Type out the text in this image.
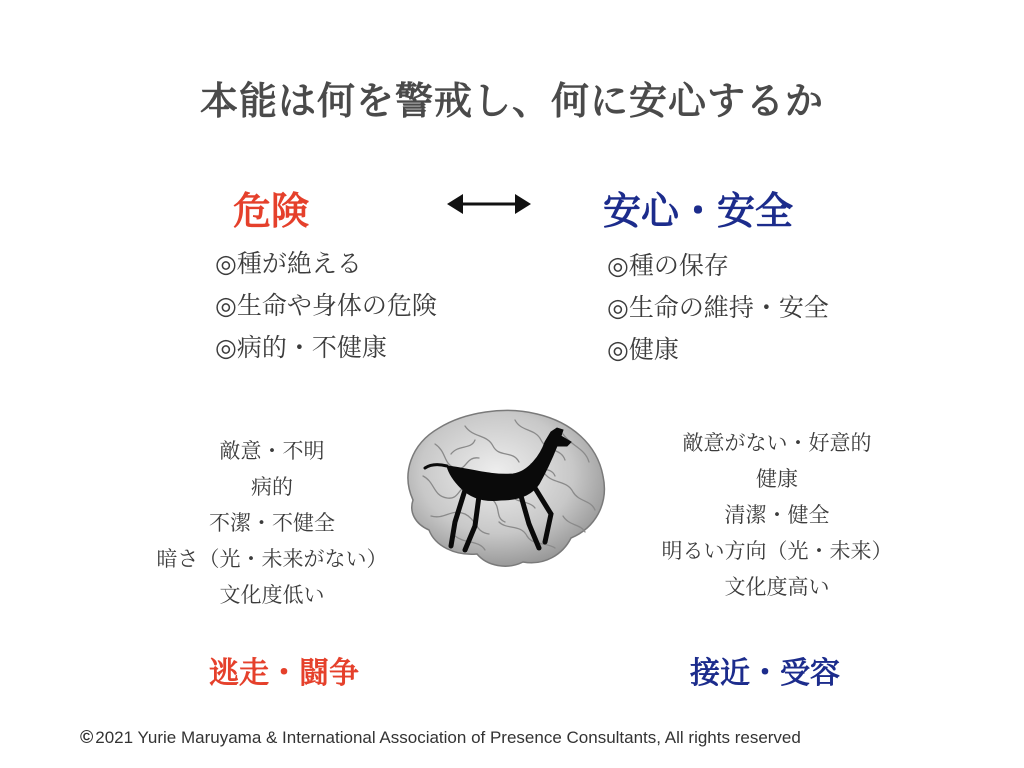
本能は何を警戒し、何に安心するか
危険	安心・安全
◎種が絶える
◎生命や身体の危険
◎病的・不健康
◎種の保存
◎生命の維持・安全
◎健康
敵意・不明
病的
不潔・不健全
暗さ（光・未来がない）
文化度低い
敵意がない・好意的
健康
清潔・健全
明るい方向（光・未来）
文化度高い
逃走・闘争	接近・受容
© 2021 Yurie Maruyama & International Association of Presence Consultants, All rights reserved
